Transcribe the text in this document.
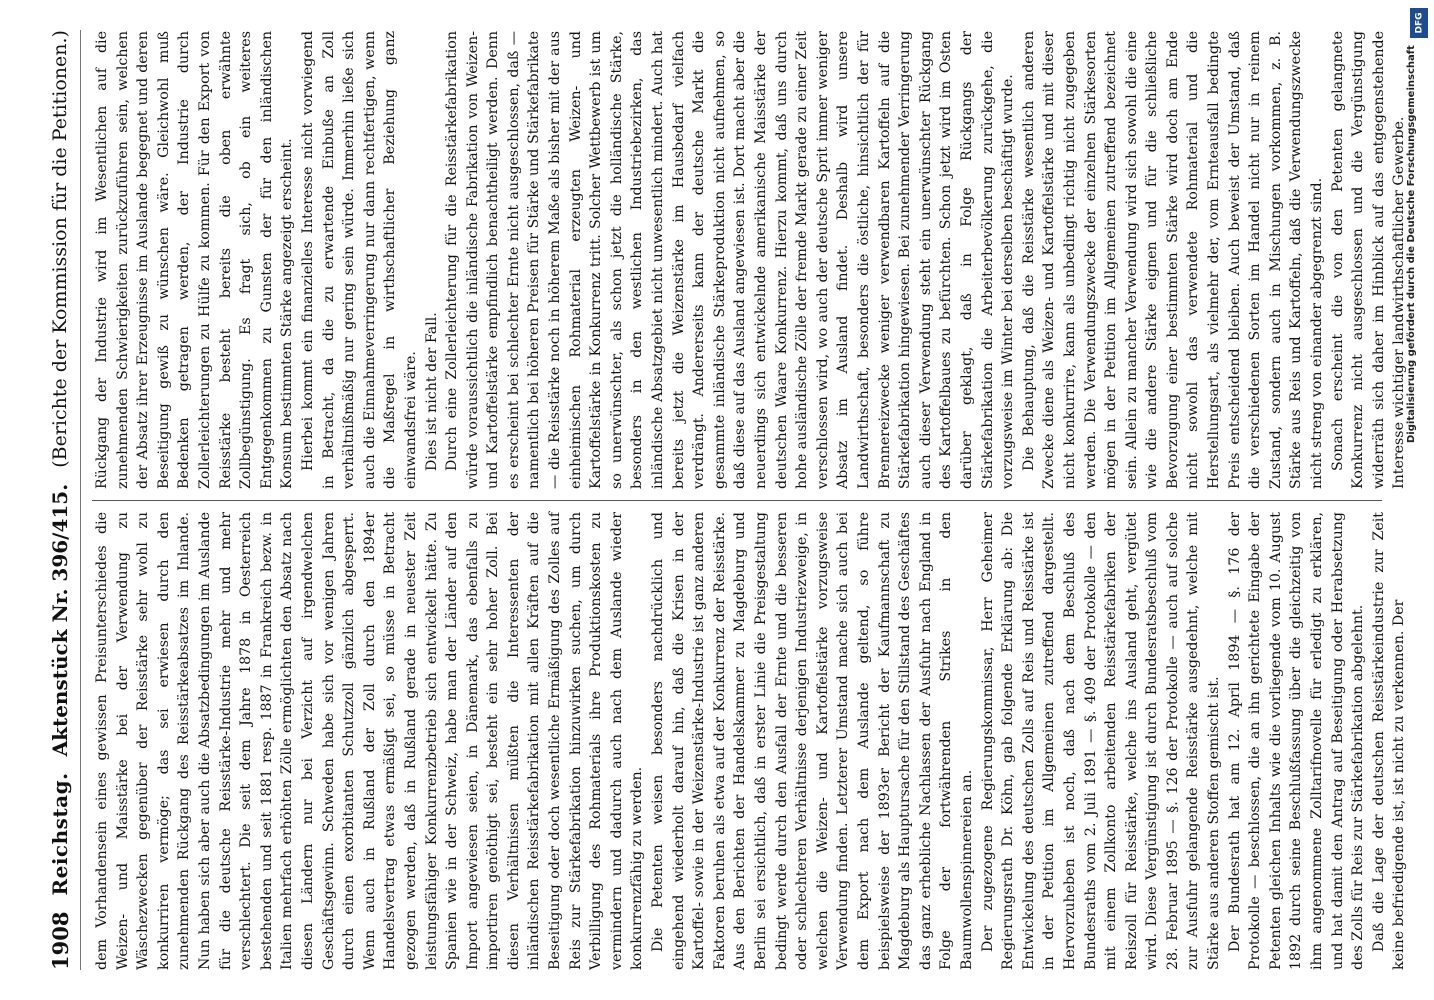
1908
Reichstag.
Aktenstück Nr. 396/415.
(Berichte der Kommission für die Petitionen.)

dem Vorhandensein eines gewissen Preisunterschiedes die Weizen- und Maisstärke bei der Verwendung zu Wäschezwecken gegenüber der Reisstärke sehr wohl zu konkurriren vermöge; das sei erwiesen durch den zunehmenden Rückgang des Reisstärkeabsatzes im Inlande. Nun haben sich aber auch die Absatzbedingungen im Auslande für die deutsche Reisstärke-Industrie mehr und mehr verschlechtert. Die seit dem Jahre 1878 in Oesterreich bestehenden und seit 1881 resp. 1887 in Frankreich bezw. in Italien mehrfach erhöhten Zölle ermöglichten den Absatz nach diesen Ländern nur bei Verzicht auf irgendwelchen Geschäftsgewinn. Schweden habe sich vor wenigen Jahren durch einen exorbitanten Schutzzoll gänzlich abgesperrt. Wenn auch in Rußland der Zoll durch den 1894er Handelsvertrag etwas ermäßigt sei, so müsse in Betracht gezogen werden, daß in Rußland gerade in neuester Zeit leistungsfähiger Konkurrenzbetrieb sich entwickelt hätte. Zu Spanien wie in der Schweiz, habe man der Länder auf den Import angewiesen seien, in Dänemark, das ebenfalls zu importiren genöthigt sei, besteht ein sehr hoher Zoll. Bei diesen Verhältnissen müßten die Interessenten der inländischen Reisstärkefabrikation mit allen Kräften auf die Beseitigung oder doch wesentliche Ermäßigung des Zolles auf Reis zur Stärkefabrikation hinzuwirken suchen, um durch Verbilligung des Rohmaterials ihre Produktionskosten zu vermindern und dadurch auch nach dem Auslande wieder konkurrenzfähig zu werden. Die Petenten weisen besonders nachdrücklich und eingehend wiederholt darauf hin, daß die Krisen in der Kartoffel- sowie in der Weizenstärke-Industrie ist ganz anderen Faktoren beruhen als etwa auf der Konkurrenz der Reisstärke. Aus den Berichten der Handelskammer zu Magdeburg und Berlin sei ersichtlich, daß in erster Linie die Preisgestaltung bedingt werde durch den Ausfall der Ernte und die besseren oder schlechteren Verhältnisse derjenigen Industriezweige, in welchen die Weizen- und Kartoffelstärke vorzugsweise Verwendung finden. Letzterer Umstand mache sich auch bei dem Export nach dem Auslande geltend, so führe beispielsweise der 1893er Bericht der Kaufmannschaft zu Magdeburg als Hauptursache für den Stillstand des Geschäftes das ganz erhebliche Nachlassen der Ausfuhr nach England in Folge der fortwährenden Strikes in den Baumwollenspinnereien an. Der zugezogene Regierungskommissar, Herr Geheimer Regierungsrath Dr. Köhn, gab folgende Erklärung ab: Die Entwickelung des deutschen Zolls auf Reis und Reisstärke ist in der Petition im Allgemeinen zutreffend dargestellt. Hervorzuheben ist noch, daß nach dem Beschluß des Bundesraths vom 2. Juli 1891 — §. 409 der Protokolle — den mit einem Zollkonto arbeitenden Reisstärkefabriken der Reiszoll für Reisstärke, welche ins Ausland geht, vergütet wird. Diese Vergünstigung ist durch Bundesratsbeschluß vom 28. Februar 1895 — §. 126 der Protokolle — auch auf solche zur Ausfuhr gelangende Reisstärke ausgedehnt, welche mit Stärke aus anderen Stoffen gemischt ist. Der Bundesrath hat am 12. April 1894 — §. 176 der Protokolle — beschlossen, die an ihn gerichtete Eingabe der Petenten gleichen Inhalts wie die vorliegende vom 10. August 1892 durch seine Beschlußfassung über die gleichzeitig von ihm angenommene Zolltarifnovelle für erledigt zu erklären, und hat damit den Antrag auf Beseitigung oder Herabsetzung des Zolls für Reis zur Stärkefabrikation abgelehnt. Daß die Lage der deutschen Reisstärkeindustrie zur Zeit keine befriedigende ist, ist nicht zu verkennen. Der

Rückgang der Industrie wird im Wesentlichen auf die zunehmenden Schwierigkeiten zurückzuführen sein, welchen der Absatz ihrer Erzeugnisse im Auslande begegnet und deren Beseitigung gewiß zu wünschen wäre. Gleichwohl muß Bedenken getragen werden, der Industrie durch Zollerleichterungen zu Hülfe zu kommen. Für den Export von Reisstärke besteht bereits die oben erwähnte Zollbegünstigung. Es fragt sich, ob ein weiteres Entgegenkommen zu Gunsten der für den inländischen Konsum bestimmten Stärke angezeigt erscheint. Hierbei kommt ein finanzielles Interesse nicht vorwiegend in Betracht, da die zu erwartende Einbuße an Zoll verhältnißmäßig nur gering sein würde. Immerhin ließe sich auch die Einnahmeverringerung nur dann rechtfertigen, wenn die Maßregel in wirthschaftlicher Beziehung ganz einwandsfrei wäre. Dies ist nicht der Fall. Durch eine Zollerleichterung für die Reisstärkefabrikation würde voraussichtlich die inländische Fabrikation von Weizen- und Kartoffelstärke empfindlich benachtheiligt werden. Denn es erscheint bei schlechter Ernte nicht ausgeschlossen, daß — namentlich bei höheren Preisen für Stärke und Stärkefabrikate — die Reisstärke noch in höherem Maße als bisher mit der aus einheimischen Rohmaterial erzeugten Weizen- und Kartoffelstärke in Konkurrenz tritt. Solcher Wettbewerb ist um so unerwünschter, als schon jetzt die holländische Stärke, besonders in den westlichen Industriebezirken, das inländische Absatzgebiet nicht unwesentlich mindert. Auch hat bereits jetzt die Weizenstärke im Hausbedarf vielfach verdrängt. Andererseits kann der deutsche Markt die gesammte inländische Stärkeproduktion nicht aufnehmen, so daß diese auf das Ausland angewiesen ist. Dort macht aber die neuerdings sich entwickelnde amerikanische Maisstärke der deutschen Waare Konkurrenz. Hierzu kommt, daß uns durch hohe ausländische Zölle der fremde Markt gerade zu einer Zeit verschlossen wird, wo auch der deutsche Sprit immer weniger Absatz im Ausland findet. Deshalb wird unsere Landwirthschaft, besonders die östliche, hinsichtlich der für Brennereizwecke weniger verwendbaren Kartoffeln auf die Stärkefabrikation hingewiesen. Bei zunehmender Verringerung auch dieser Verwendung steht ein unerwünschter Rückgang des Kartoffelbaues zu befürchten. Schon jetzt wird im Osten darüber geklagt, daß in Folge Rückgangs der Stärkefabrikation die Arbeiterbevölkerung zurückgehe, die vorzugsweise im Winter bei derselben beschäftigt wurde. Die Behauptung, daß die Reisstärke wesentlich anderen Zwecke diene als Weizen- und Kartoffelstärke und mit dieser nicht konkurrire, kann als unbedingt richtig nicht zugegeben werden. Die Verwendungszwecke der einzelnen Stärkesorten mögen in der Petition im Allgemeinen zutreffend bezeichnet sein. Allein zu mancher Verwendung wird sich sowohl die eine wie die andere Stärke eignen und für die schließliche Bevorzugung einer bestimmten Stärke wird doch am Ende nicht sowohl das verwendete Rohmaterial und die Herstellungsart, als vielmehr der, vom Ernteausfall bedingte Preis entscheidend bleiben. Auch beweist der Umstand, daß die verschiedenen Sorten im Handel nicht nur in reinem Zustand, sondern auch in Mischungen vorkommen, z. B. Stärke aus Reis und Kartoffeln, daß die Verwendungszwecke nicht streng von einander abgegrenzt sind. Sonach erscheint die von den Petenten gelangnete Konkurrenz nicht ausgeschlossen und die Vergünstigung widerräth sich daher im Hinblick auf das entgegenstehende Interesse wichtiger landwirthschaftlicher Gewerbe.

DFG
Digitalisierung gefördert durch die Deutsche Forschungsgemeinschaft
